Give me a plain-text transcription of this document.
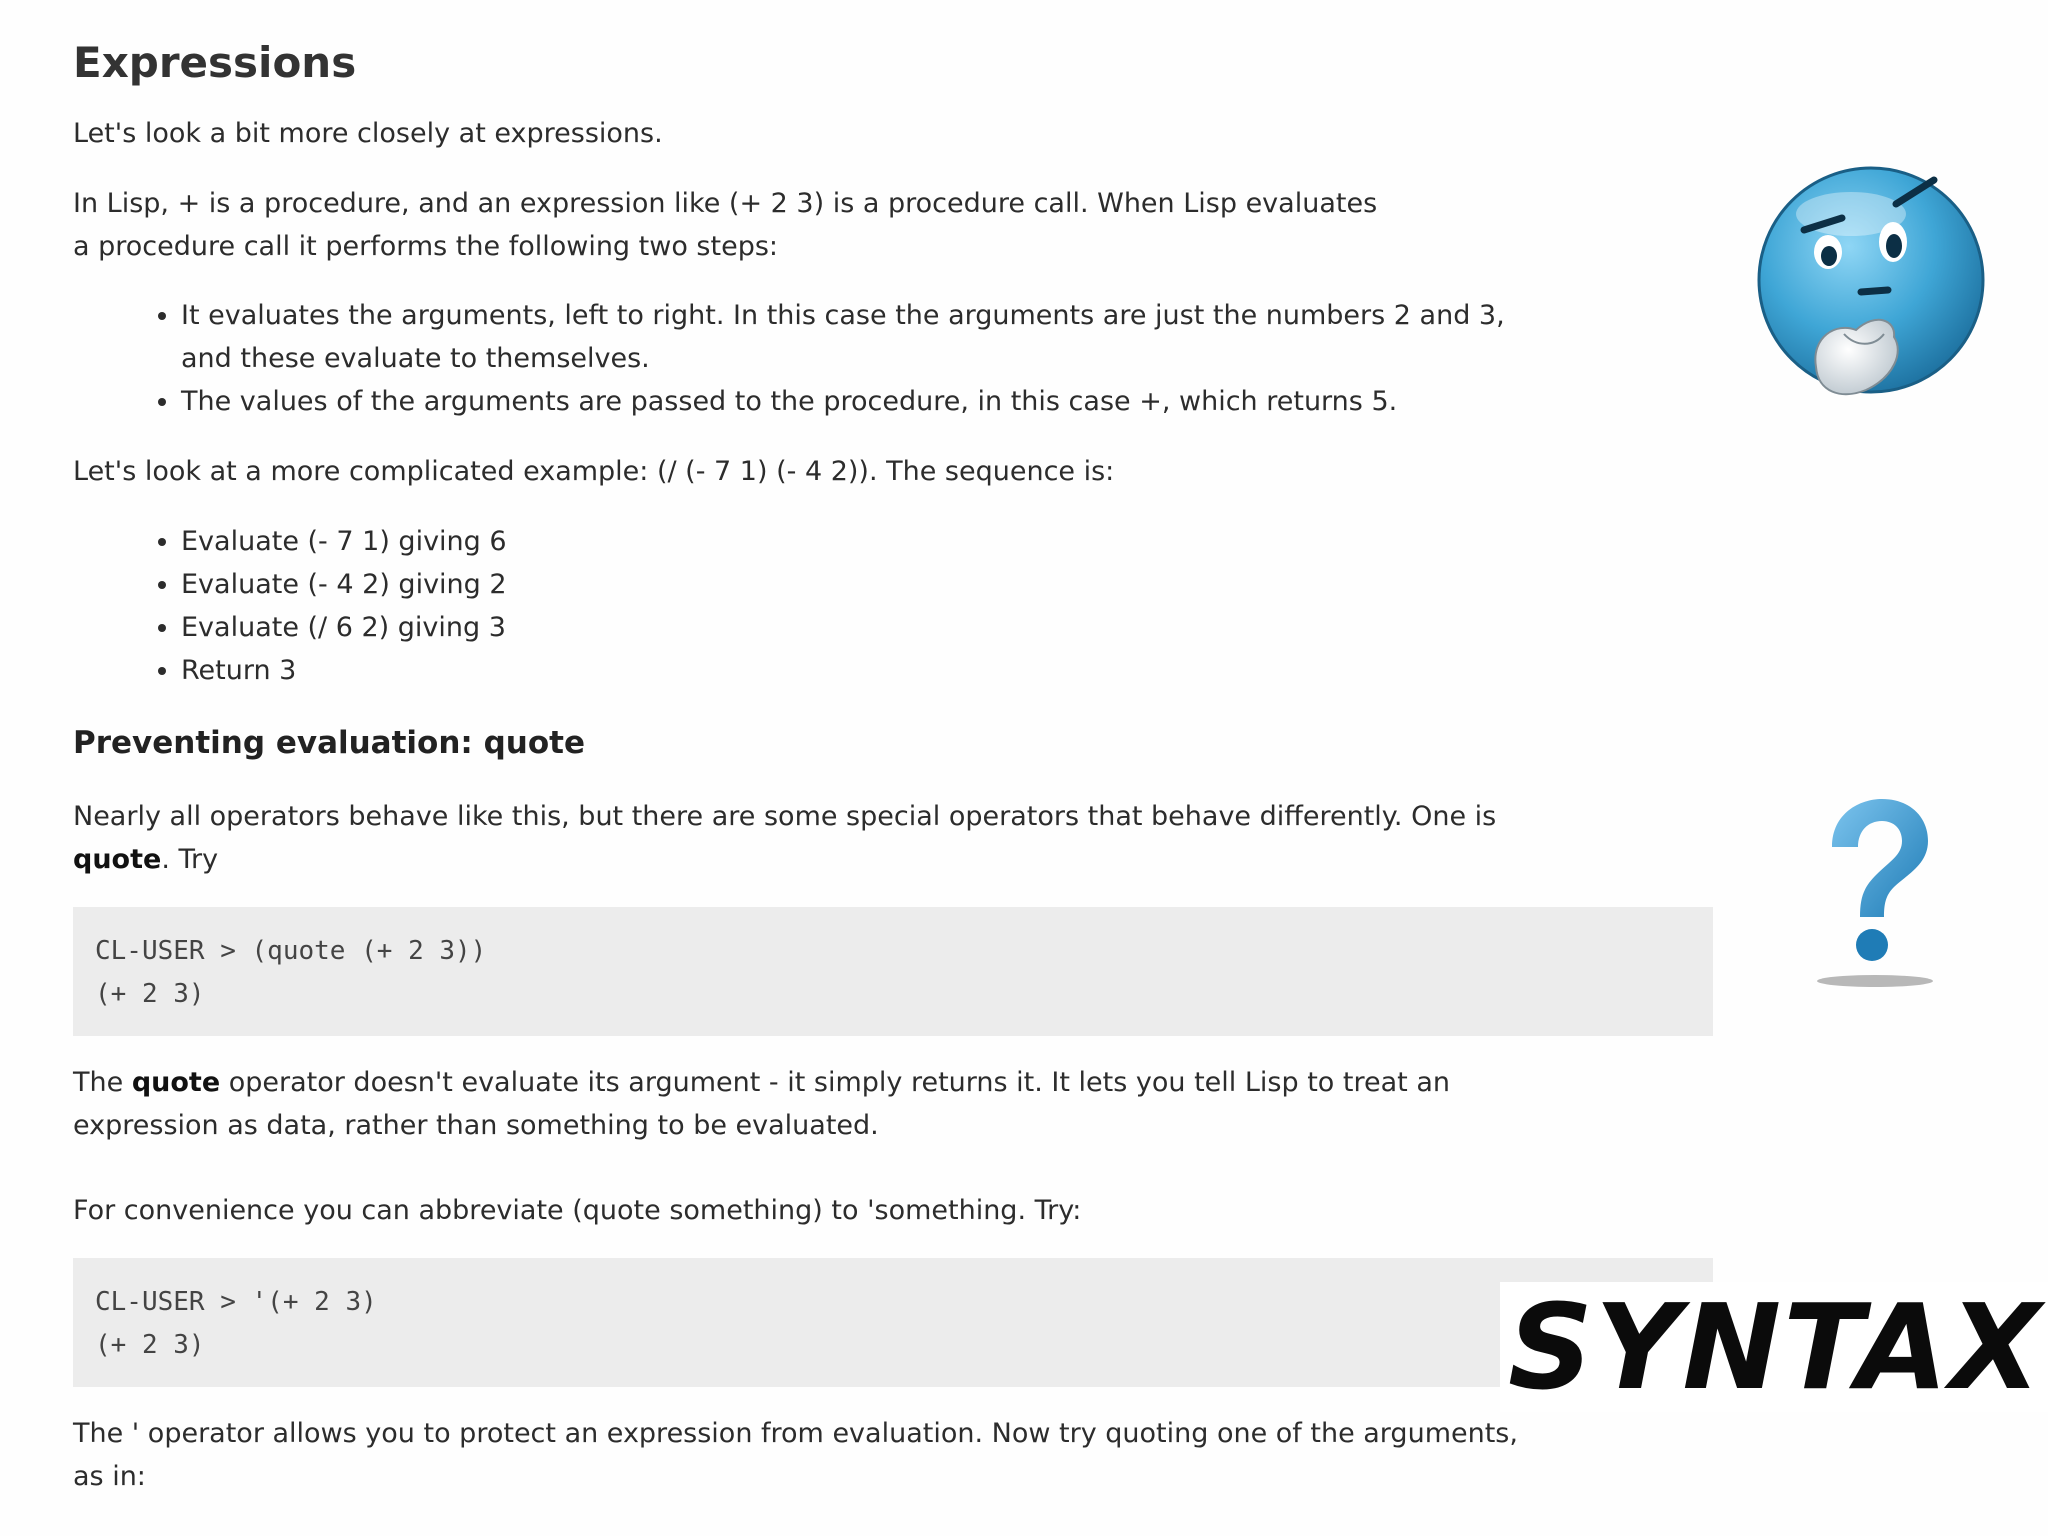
Expressions

Let's look a bit more closely at expressions.

In Lisp, + is a procedure, and an expression like (+ 2 3) is a procedure call. When Lisp evaluates
a procedure call it performs the following two steps:

• It evaluates the arguments, left to right. In this case the arguments are just the numbers 2 and 3,
and these evaluate to themselves.
• The values of the arguments are passed to the procedure, in this case +, which returns 5.

Let's look at a more complicated example: (/ (- 7 1) (- 4 2)). The sequence is:

• Evaluate (- 7 1) giving 6
• Evaluate (- 4 2) giving 2
• Evaluate (/ 6 2) giving 3
• Return 3
Preventing evaluation: quote

Nearly all operators behave like this, but there are some special operators that behave differently. One is
quote. Try

CL-USER > (quote (+ 2 3))
(+ 2 3)

The quote operator doesn't evaluate its argument - it simply returns it. It lets you tell Lisp to treat an
expression as data, rather than something to be evaluated.

For convenience you can abbreviate (quote something) to 'something. Try:

CL-USER > '(+ 2 3)
(+ 2 3)

The ' operator allows you to protect an expression from evaluation. Now try quoting one of the arguments,
as in:

SYNTAX
